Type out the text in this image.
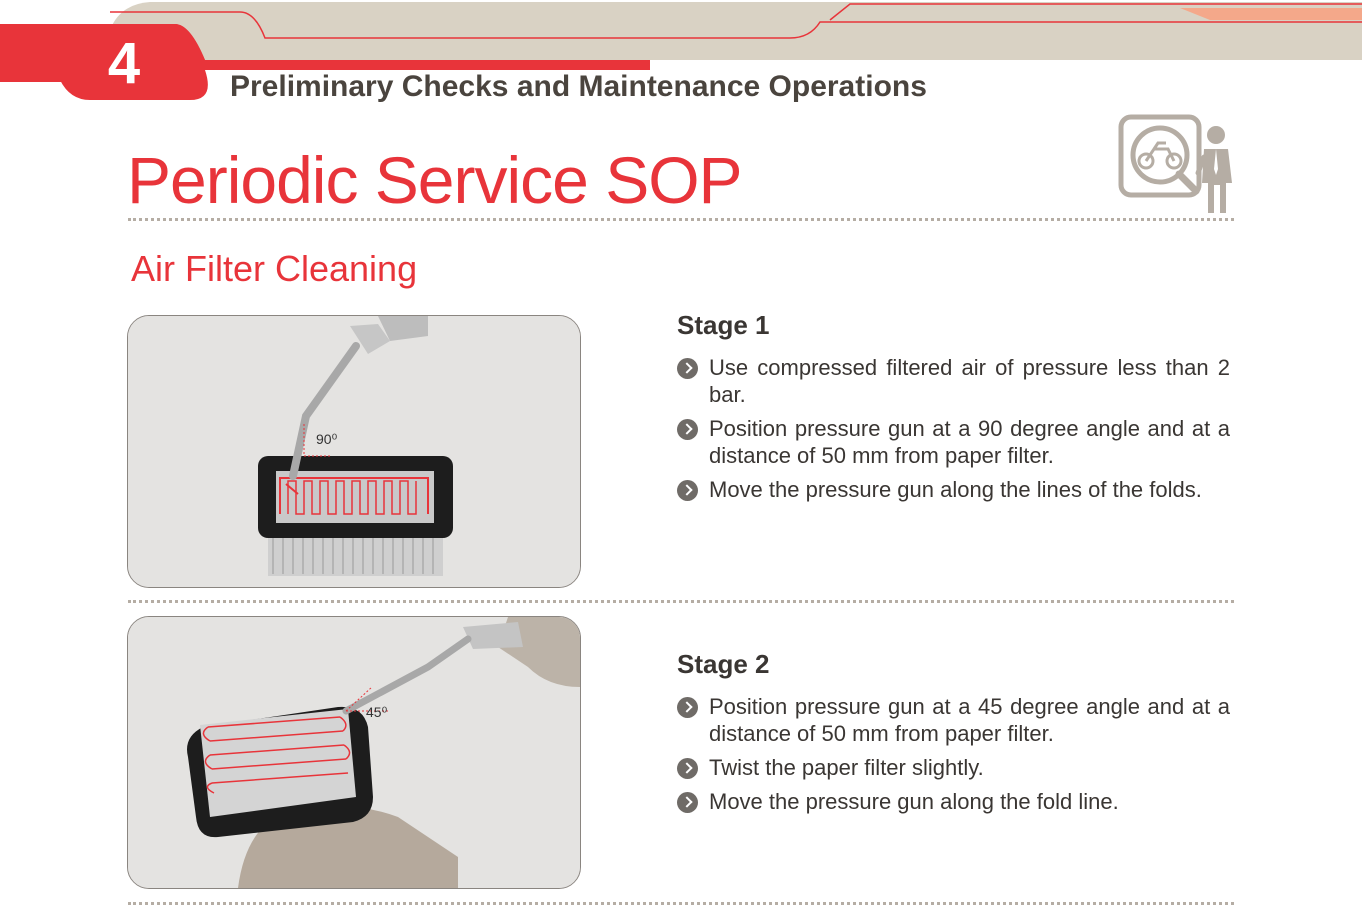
4	Preliminary Checks and Maintenance Operations
Periodic Service SOP
Air Filter Cleaning
90⁰
Stage 1
Use compressed filtered air of pressure less than 2 bar.
Position pressure gun at a 90 degree angle and at a distance of 50 mm from paper filter.
Move the pressure gun along the lines of the folds.
45⁰
Stage 2
Position pressure gun at a 45 degree angle and at a distance of 50 mm from paper filter.
Twist the paper filter slightly.
Move the pressure gun along the fold line.
